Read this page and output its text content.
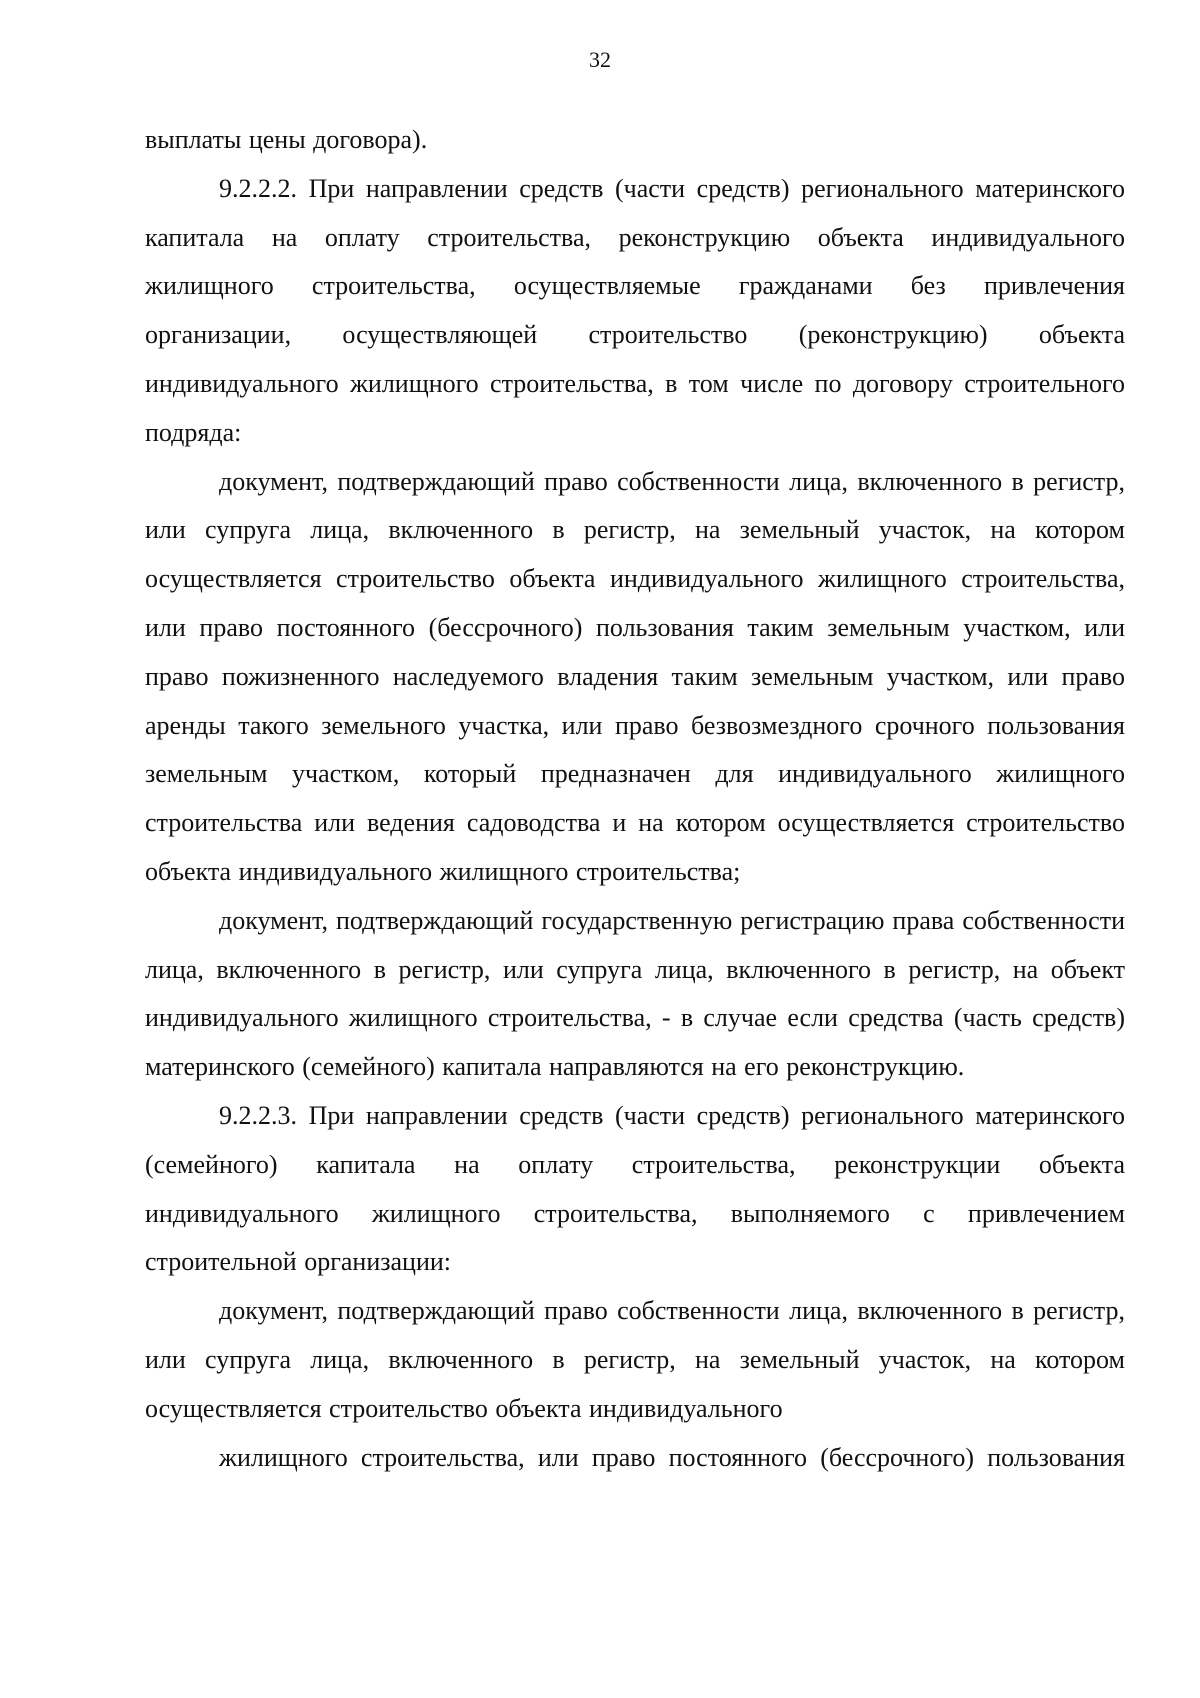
32

выплаты цены договора).

9.2.2.2. При направлении средств (части средств) регионального материнского капитала на оплату строительства, реконструкцию объекта индивидуального жилищного строительства, осуществляемые гражданами без привлечения организации, осуществляющей строительство (реконструкцию) объекта индивидуального жилищного строительства, в том числе по договору строительного подряда:

документ, подтверждающий право собственности лица, включенного в регистр, или супруга лица, включенного в регистр, на земельный участок, на котором осуществляется строительство объекта индивидуального жилищного строительства, или право постоянного (бессрочного) пользования таким земельным участком, или право пожизненного наследуемого владения таким земельным участком, или право аренды такого земельного участка, или право безвозмездного срочного пользования земельным участком, который предназначен для индивидуального жилищного строительства или ведения садоводства и на котором осуществляется строительство объекта индивидуального жилищного строительства;

документ, подтверждающий государственную регистрацию права собственности лица, включенного в регистр, или супруга лица, включенного в регистр, на объект индивидуального жилищного строительства, - в случае если средства (часть средств) материнского (семейного) капитала направляются на его реконструкцию.

9.2.2.3. При направлении средств (части средств) регионального материнского (семейного) капитала на оплату строительства, реконструкции объекта индивидуального жилищного строительства, выполняемого с привлечением строительной организации:

документ, подтверждающий право собственности лица, включенного в регистр, или супруга лица, включенного в регистр, на земельный участок, на котором осуществляется строительство объекта индивидуального
жилищного строительства, или право постоянного (бессрочного) пользования
